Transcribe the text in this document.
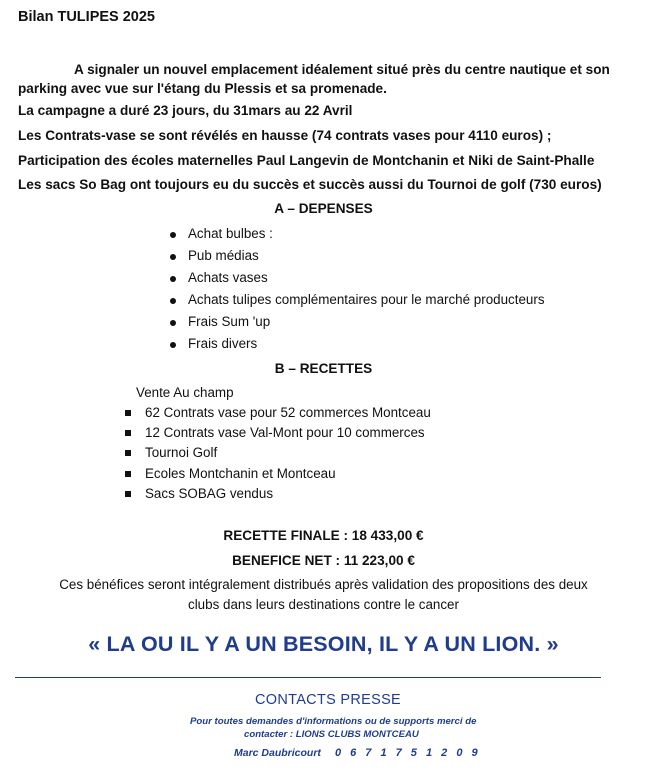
Bilan TULIPES 2025
A signaler un nouvel emplacement idéalement situé près du centre nautique et son parking avec vue sur l'étang du Plessis et sa promenade.
La campagne a duré 23 jours, du 31mars au 22 Avril
Les Contrats-vase se sont révélés en hausse (74 contrats vases pour 4110 euros) ;
Participation des écoles maternelles Paul Langevin de Montchanin et Niki de Saint-Phalle
Les sacs So Bag ont toujours eu du succès et succès aussi du Tournoi de golf (730 euros)
A – DEPENSES
Achat bulbes :
Pub médias
Achats vases
Achats tulipes complémentaires pour le marché producteurs
Frais Sum 'up
Frais divers
B – RECETTES
Vente Au champ
62 Contrats vase pour 52 commerces Montceau
12 Contrats vase Val-Mont pour 10 commerces
Tournoi Golf
Ecoles Montchanin et Montceau
Sacs SOBAG vendus
RECETTE FINALE : 18 433,00 €
BENEFICE NET : 11 223,00 €
Ces bénéfices seront intégralement distribués après validation des propositions des deux
clubs dans leurs destinations contre le cancer
« LA OU IL Y A UN BESOIN, IL Y A UN LION. »
CONTACTS PRESSE
Pour toutes demandes d'informations ou de supports merci de
contacter : LIONS CLUBS MONTCEAU
Marc Daubricourt 0 6 7 1 7 5 1 2 0 9
